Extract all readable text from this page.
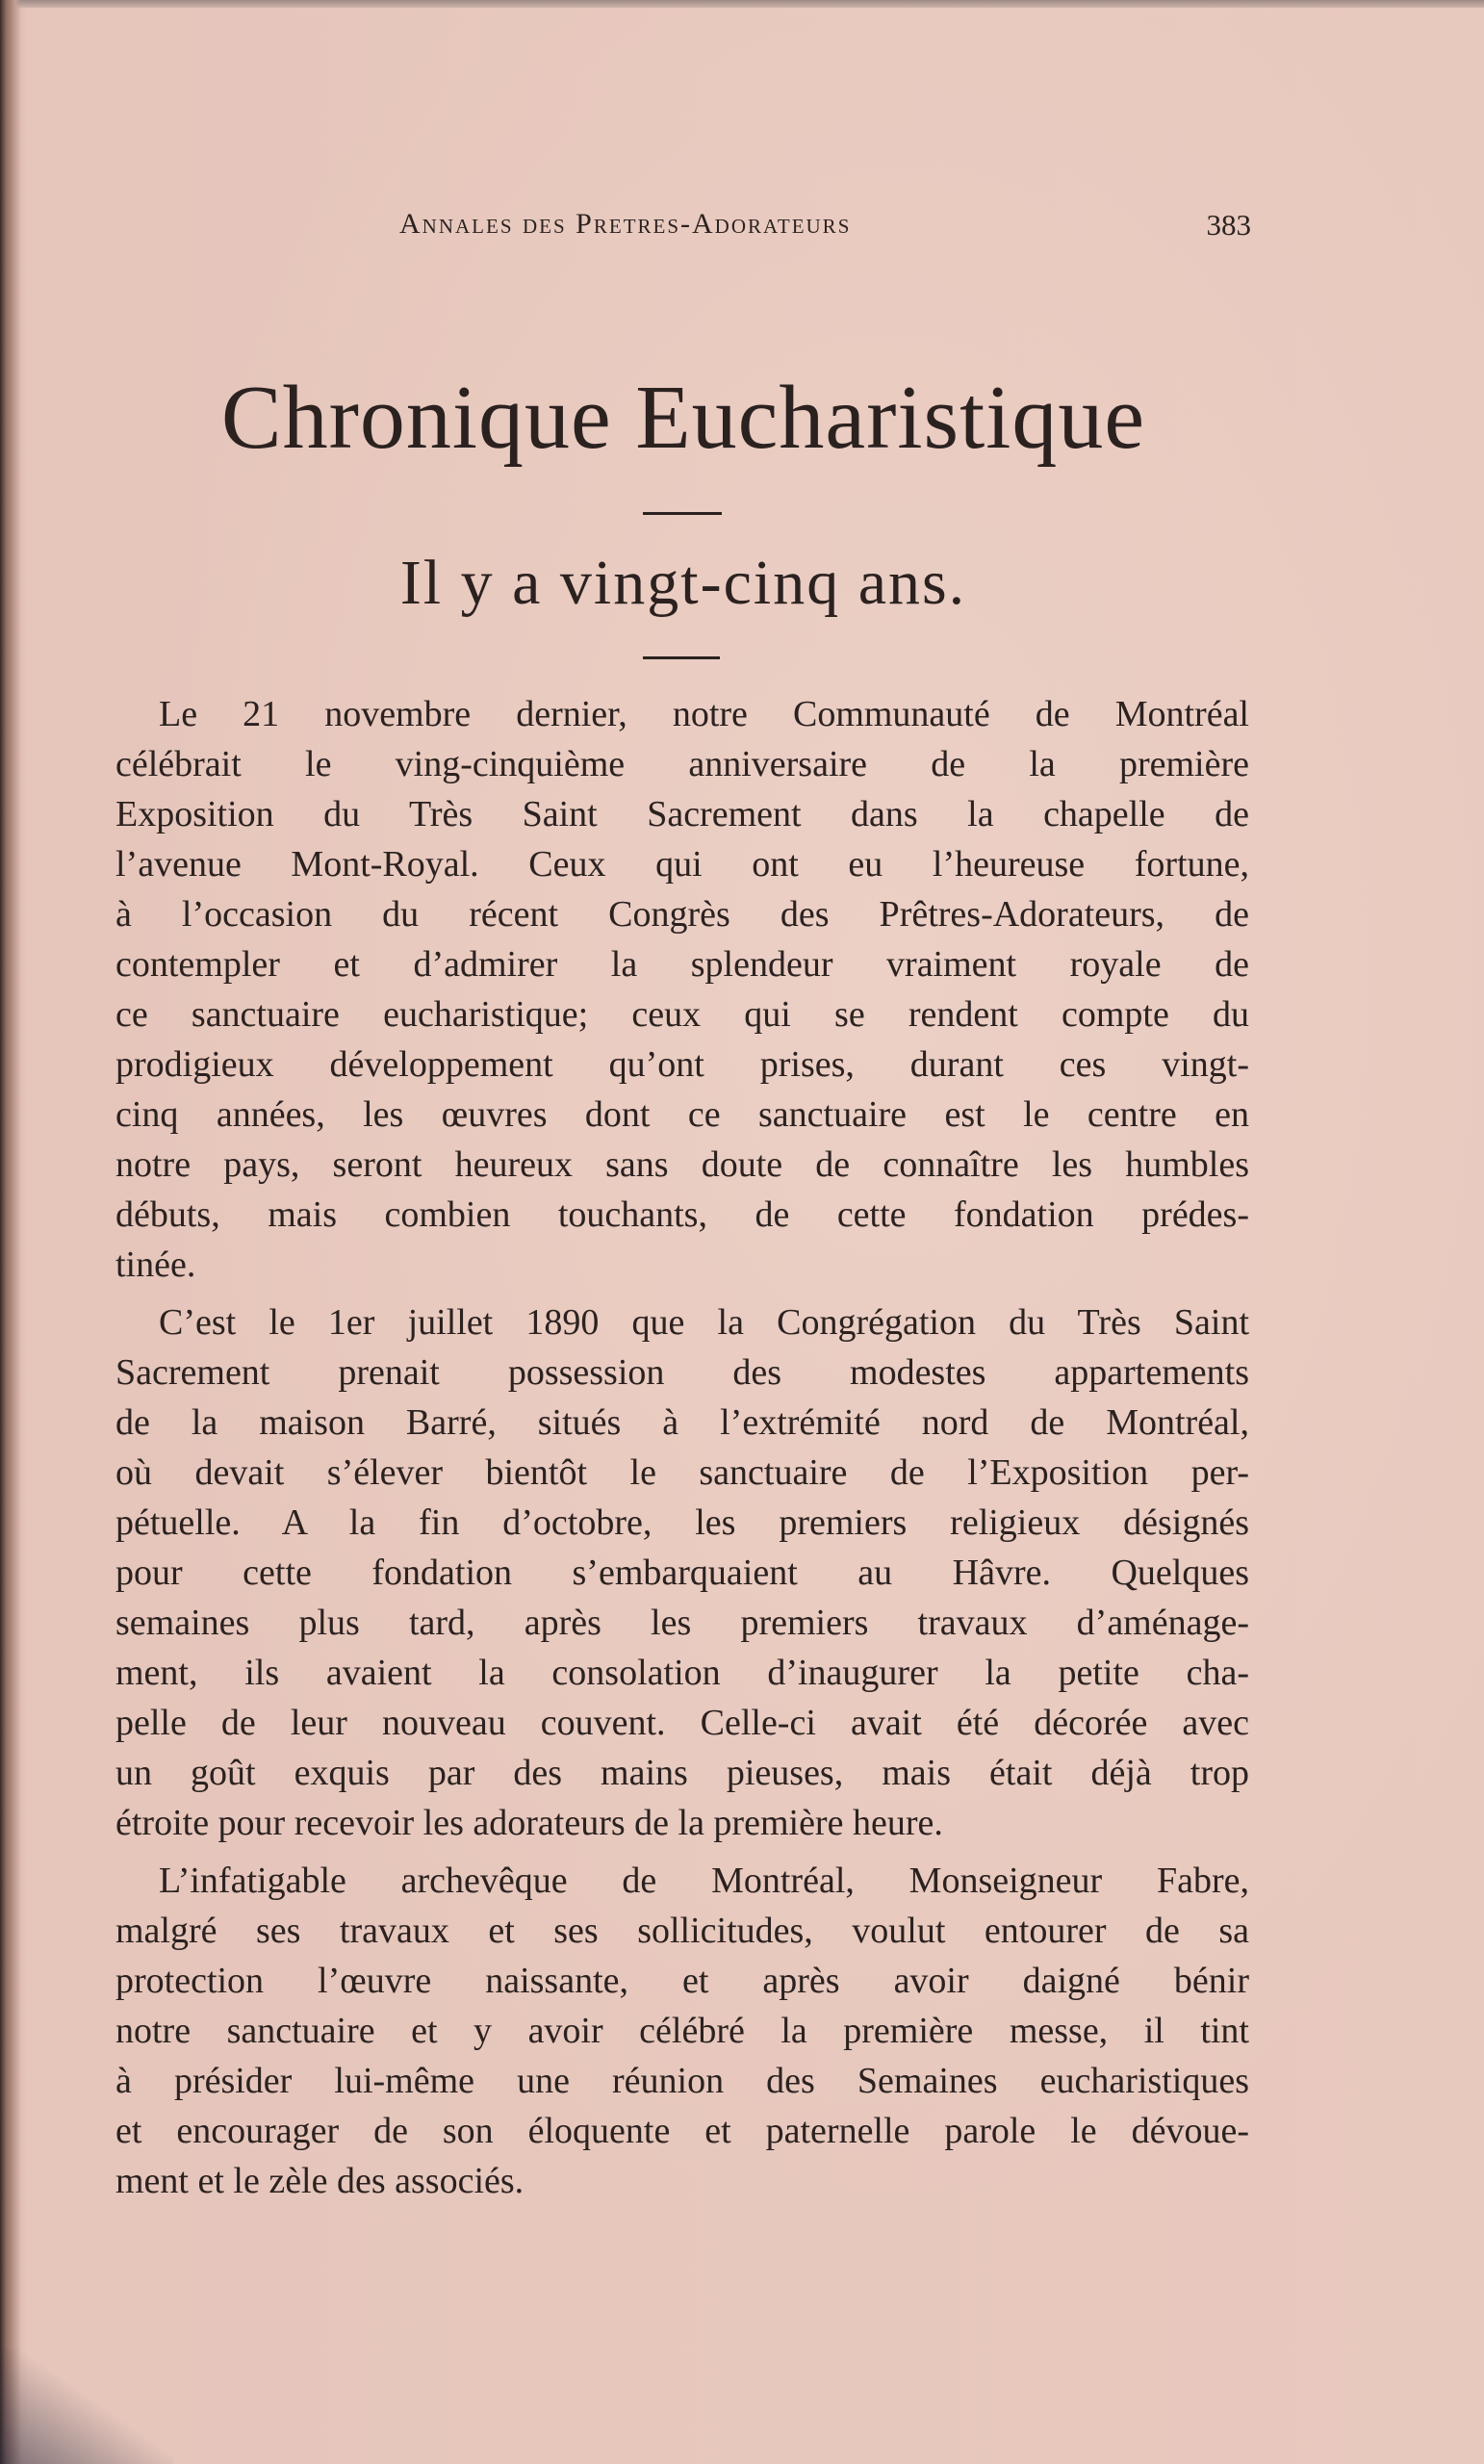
Annales des Pretres-Adorateurs	383
Chronique Eucharistique
Il y a vingt-cinq ans.
Le 21 novembre dernier, notre Communauté de Montréal
célébrait le ving-cinquième anniversaire de la première
Exposition du Très Saint Sacrement dans la chapelle de
l’avenue Mont-Royal. Ceux qui ont eu l’heureuse fortune,
à l’occasion du récent Congrès des Prêtres-Adorateurs, de
contempler et d’admirer la splendeur vraiment royale de
ce sanctuaire eucharistique; ceux qui se rendent compte du
prodigieux développement qu’ont prises, durant ces vingt-
cinq années, les œuvres dont ce sanctuaire est le centre en
notre pays, seront heureux sans doute de connaître les humbles
débuts, mais combien touchants, de cette fondation prédes-
tinée.
C’est le 1er juillet 1890 que la Congrégation du Très Saint
Sacrement prenait possession des modestes appartements
de la maison Barré, situés à l’extrémité nord de Montréal,
où devait s’élever bientôt le sanctuaire de l’Exposition per-
pétuelle. A la fin d’octobre, les premiers religieux désignés
pour cette fondation s’embarquaient au Hâvre. Quelques
semaines plus tard, après les premiers travaux d’aménage-
ment, ils avaient la consolation d’inaugurer la petite cha-
pelle de leur nouveau couvent. Celle-ci avait été décorée avec
un goût exquis par des mains pieuses, mais était déjà trop
étroite pour recevoir les adorateurs de la première heure.
L’infatigable archevêque de Montréal, Monseigneur Fabre,
malgré ses travaux et ses sollicitudes, voulut entourer de sa
protection l’œuvre naissante, et après avoir daigné bénir
notre sanctuaire et y avoir célébré la première messe, il tint
à présider lui-même une réunion des Semaines eucharistiques
et encourager de son éloquente et paternelle parole le dévoue-
ment et le zèle des associés.
